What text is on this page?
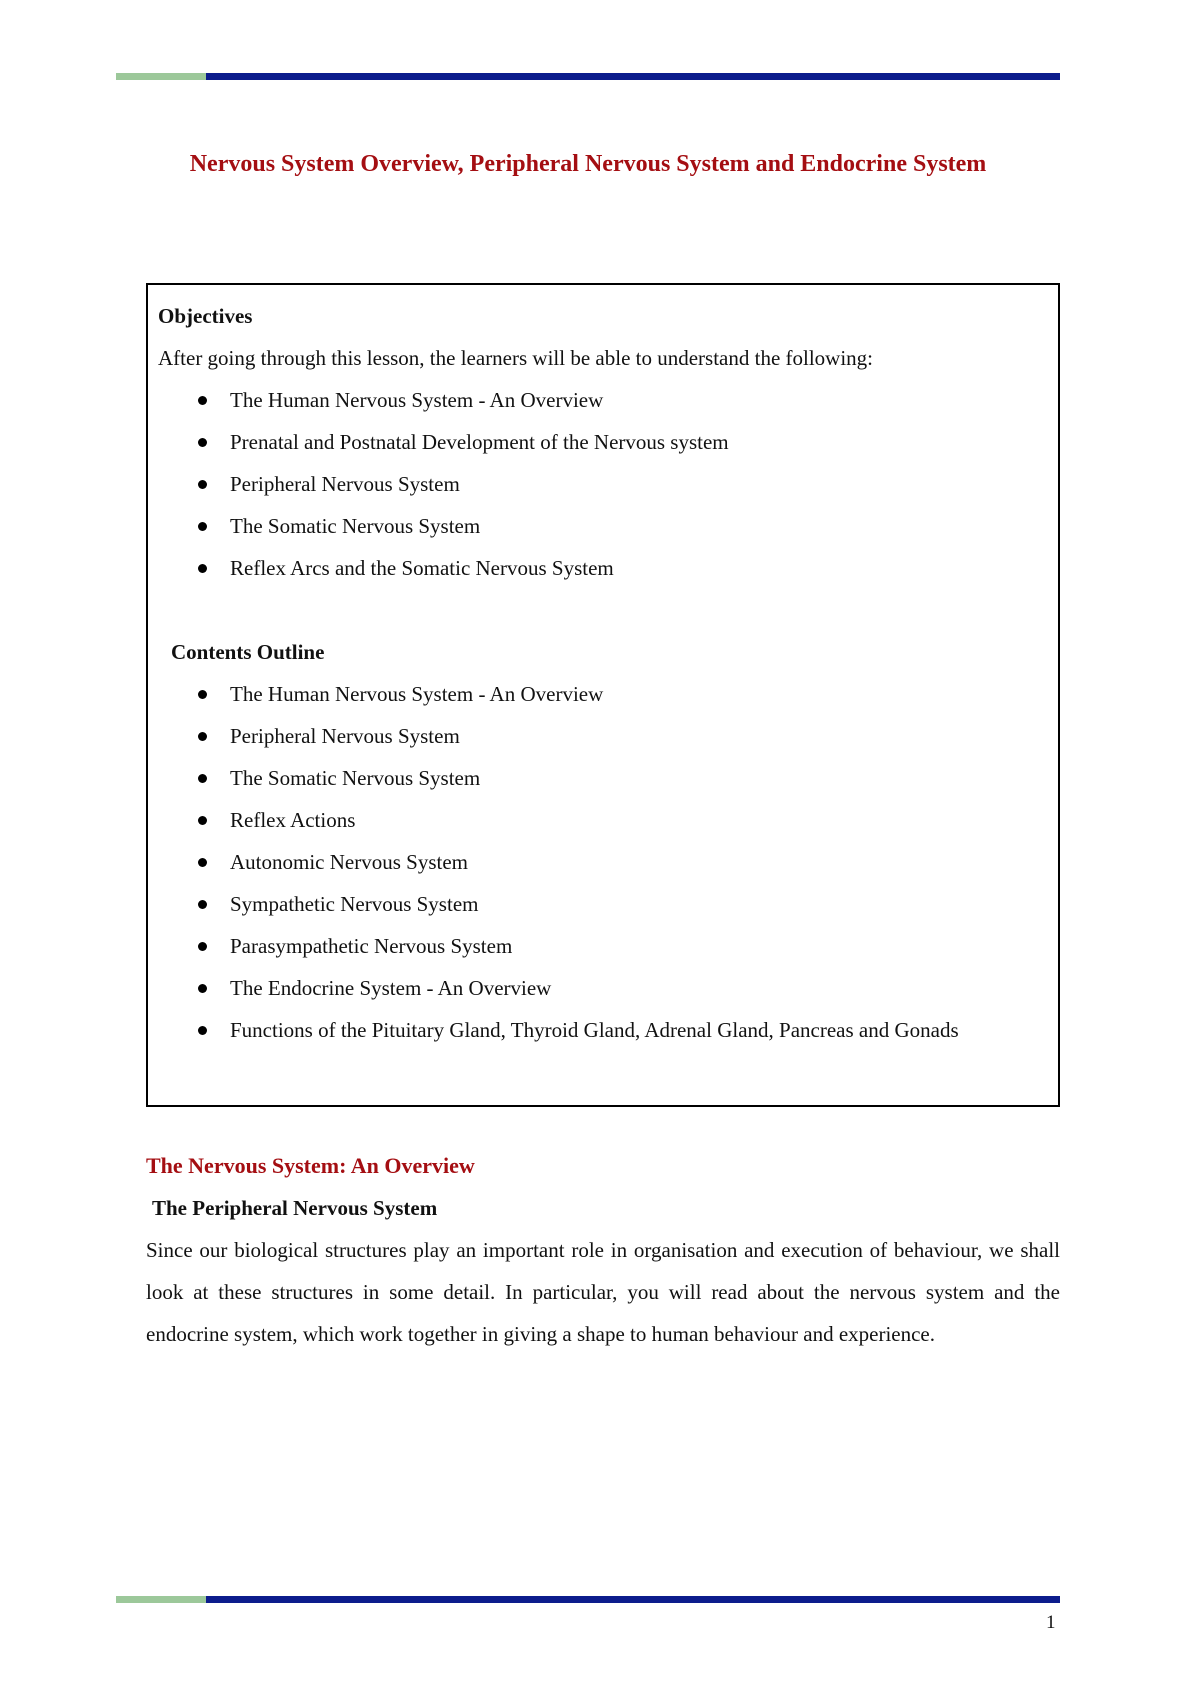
Nervous System Overview, Peripheral Nervous System and Endocrine System
Objectives

After going through this lesson, the learners will be able to understand the following:

The Human Nervous System - An Overview
Prenatal and Postnatal Development of the Nervous system
Peripheral Nervous System
The Somatic Nervous System
Reflex Arcs and the Somatic Nervous System
Contents Outline
The Human Nervous System - An Overview
Peripheral Nervous System
The Somatic Nervous System
Reflex Actions
Autonomic Nervous System
Sympathetic Nervous System
Parasympathetic Nervous System
The Endocrine System - An Overview
Functions of the Pituitary Gland, Thyroid Gland, Adrenal Gland, Pancreas and Gonads
The Nervous System: An Overview
The Peripheral Nervous System

Since our biological structures play an important role in organisation and execution of behaviour, we shall look at these structures in some detail. In particular, you will read about the nervous system and the endocrine system, which work together in giving a shape to human behaviour and experience.

1
